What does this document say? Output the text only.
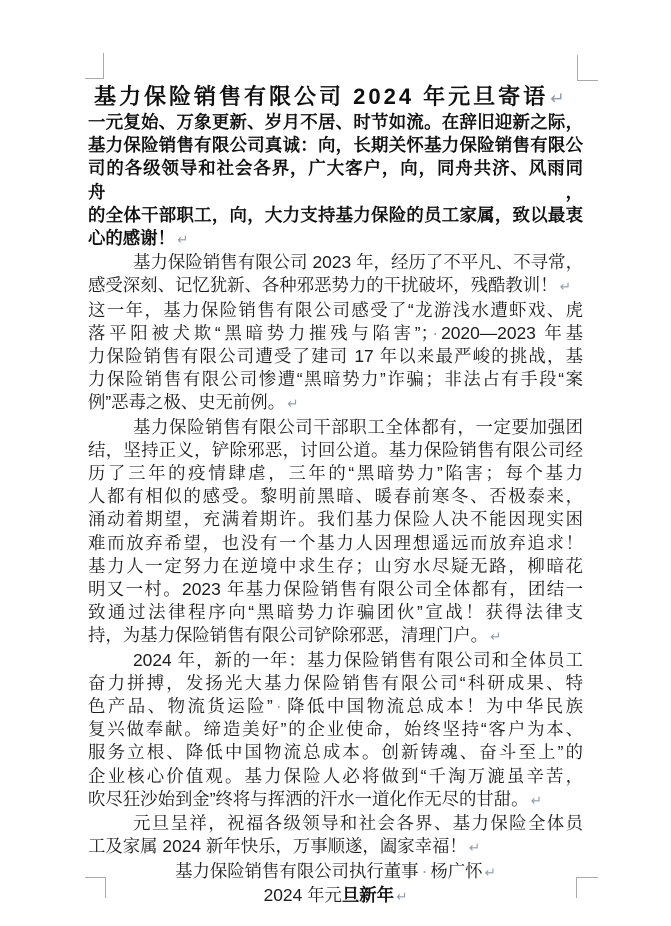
基力保险销售有限公司 2024 年元旦寄语 ↵
一元复始、万象更新、岁月不居、时节如流。在辞旧迎新之际，
基力保险销售有限公司真诚：向，长期关怀基力保险销售有限公
司的各级领导和社会各界，广大客户，向，同舟共济、风雨同舟，
的全体干部职工，向，大力支持基力保险的员工家属，致以最衷
心的感谢！ ↵
基力保险销售有限公司 2023 年，经历了不平凡、不寻常，
感受深刻、记忆犹新、各种邪恶势力的干扰破坏，残酷教训！ ↵
这一年，基力保险销售有限公司感受了“龙游浅水遭虾戏、虎
落平阳被犬欺“黑暗势力摧残与陷害”； · 2020—2023 年基
力保险销售有限公司遭受了建司 17 年以来最严峻的挑战，基
力保险销售有限公司惨遭“黑暗势力”诈骗；非法占有手段“案
例”恶毒之极、史无前例。 ↵
基力保险销售有限公司干部职工全体都有，一定要加强团
结，坚持正义，铲除邪恶，讨回公道。基力保险销售有限公司经
历了三年的疫情肆虐，三年的“黑暗势力”陷害；每个基力
人都有相似的感受。黎明前黑暗、暖春前寒冬、否极泰来，
涌动着期望，充满着期许。我们基力保险人决不能因现实困
难而放弃希望，也没有一个基力人因理想遥远而放弃追求！
基力人一定努力在逆境中求生存；山穷水尽疑无路，柳暗花
明又一村。2023 年基力保险销售有限公司全体都有，团结一
致通过法律程序向“黑暗势力诈骗团伙”宣战！获得法律支
持，为基力保险销售有限公司铲除邪恶，清理门户。 ↵
2024 年，新的一年：基力保险销售有限公司和全体员工
奋力拼搏，发扬光大基力保险销售有限公司“科研成果、特
色产品、物流货运险” · 降低中国物流总成本！为中华民族
复兴做奉献。缔造美好”的企业使命，始终坚持“客户为本、
服务立根、降低中国物流总成本。创新铸魂、奋斗至上”的
企业核心价值观。基力保险人必将做到“千淘万漉虽辛苦，
吹尽狂沙始到金”终将与挥洒的汗水一道化作无尽的甘甜。 ↵
元旦呈祥，祝福各级领导和社会各界、基力保险全体员
工及家属 2024 新年快乐，万事顺遂，阖家幸福！ ↵
基力保险销售有限公司执行董事 · 杨广怀 ↵
2024 年元旦新年 ↵
